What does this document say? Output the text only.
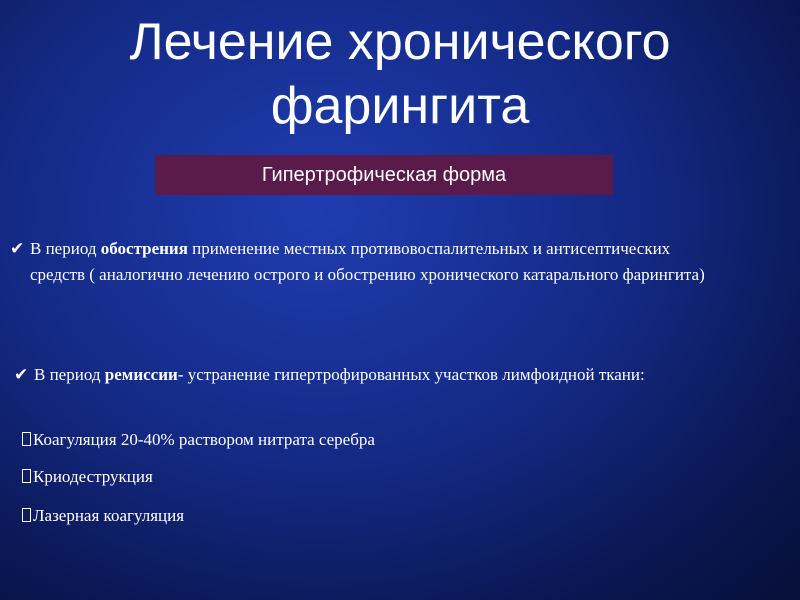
Лечение хронического
фарингита
Гипертрофическая форма

✔ В период обострения применение местных противовоспалительных и антисептических средств ( аналогично лечению острого и обострению хронического катарального фарингита)

✔ В период ремиссии- устранение гипертрофированных участков лимфоидной ткани:

Коагуляция 20-40% раствором нитрата серебра
Криодеструкция
Лазерная коагуляция
